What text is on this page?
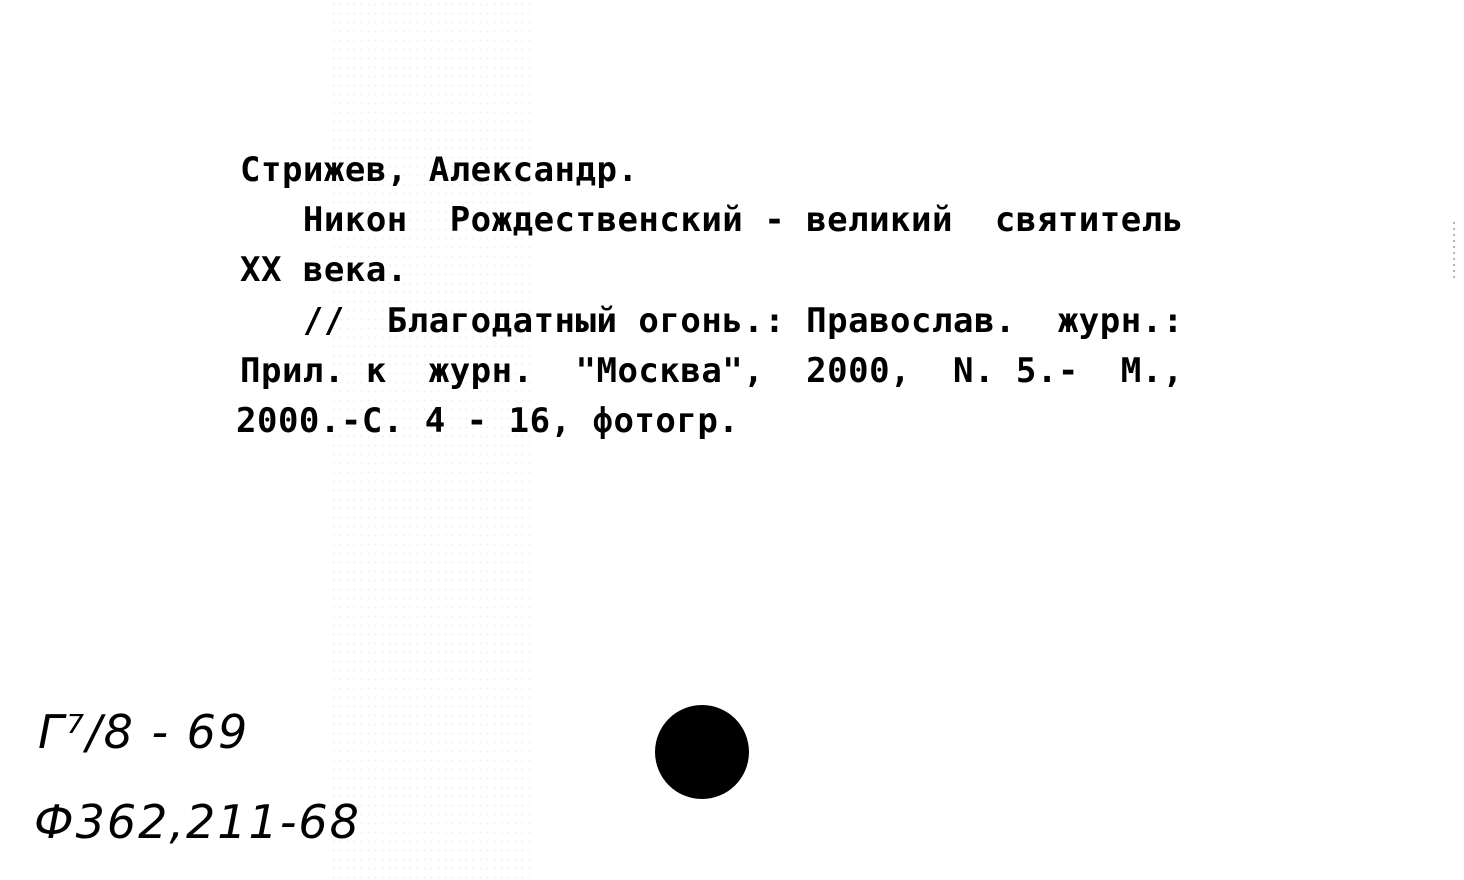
Стрижев, Александр.
Никон  Рождественский - великий  святитель
XX века.
//  Благодатный огонь.: Православ.  журн.:
Прил. к  журн.  "Москва",  2000,  N. 5.-  М.,
2000.-С. 4 - 16, фотогр.
Г⁷/8 - 69
Ф362,211-68
